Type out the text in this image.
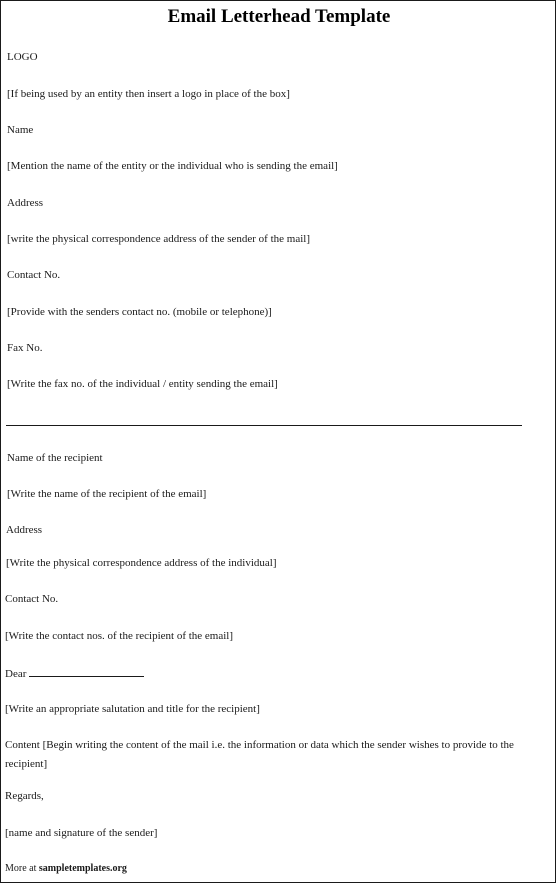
Email Letterhead Template
LOGO
[If being used by an entity then insert a logo in place of the box]
Name
[Mention the name of the entity or the individual who is sending the email]
Address
[write the physical correspondence address of the sender of the mail]
Contact No.
[Provide with the senders contact no. (mobile or telephone)]
Fax No.
[Write the fax no. of the individual / entity sending the email]
Name of the recipient
[Write the name of the recipient of the email]
Address
[Write the physical correspondence address of the individual]
Contact No.
[Write the contact nos. of the recipient of the email]
Dear
[Write an appropriate salutation and title for the recipient]
Content [Begin writing the content of the mail i.e. the information or data which the sender wishes to provide to the recipient]
Regards,
[name and signature of the sender]
More at sampletemplates.org
